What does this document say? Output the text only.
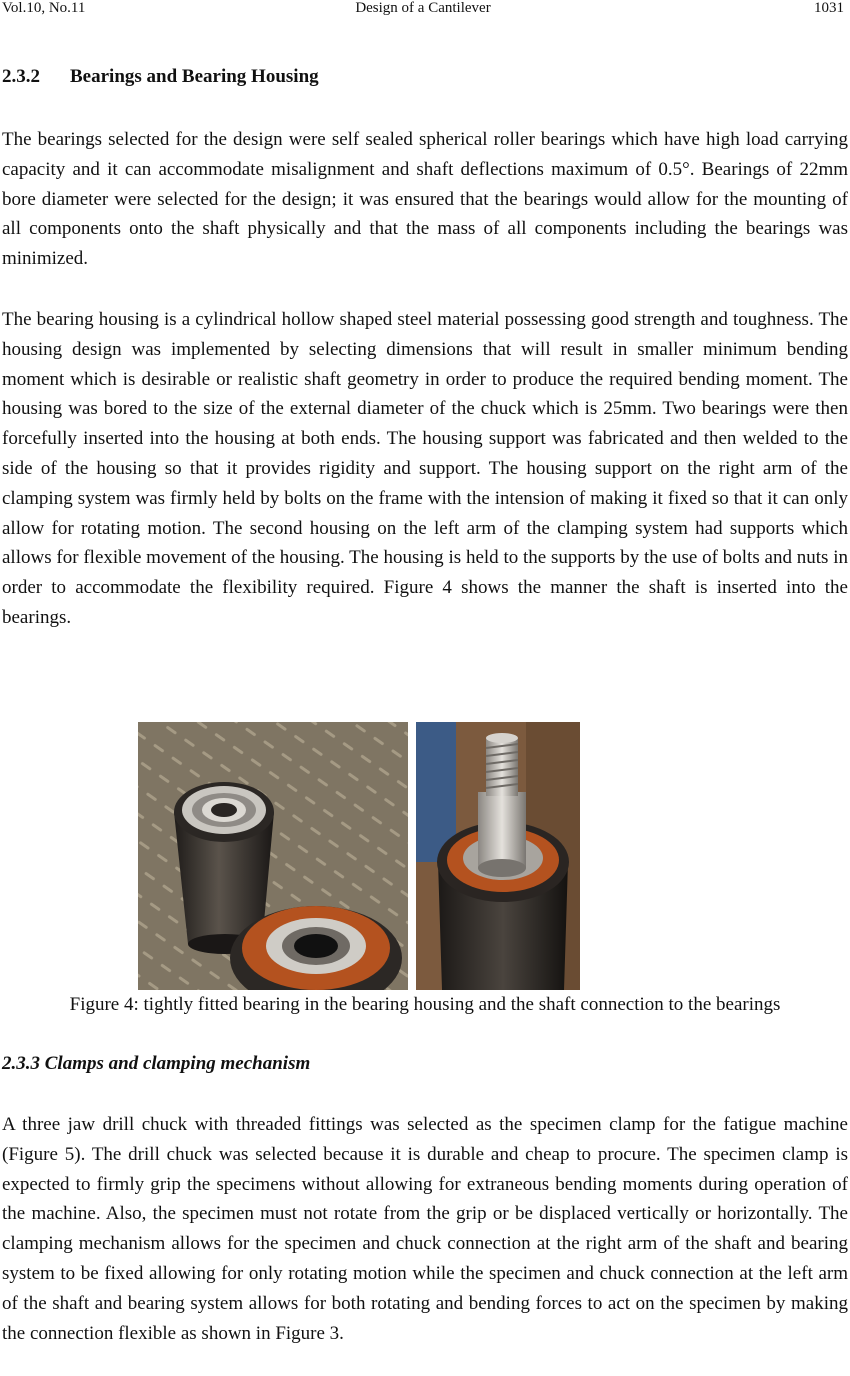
Vol.10, No.11	Design of a Cantilever	1031
2.3.2 Bearings and Bearing Housing

The bearings selected for the design were self sealed spherical roller bearings which have high load carrying capacity and it can accommodate misalignment and shaft deflections maximum of 0.5°. Bearings of 22mm bore diameter were selected for the design; it was ensured that the bearings would allow for the mounting of all components onto the shaft physically and that the mass of all components including the bearings was minimized.

The bearing housing is a cylindrical hollow shaped steel material possessing good strength and toughness. The housing design was implemented by selecting dimensions that will result in smaller minimum bending moment which is desirable or realistic shaft geometry in order to produce the required bending moment. The housing was bored to the size of the external diameter of the chuck which is 25mm. Two bearings were then forcefully inserted into the housing at both ends. The housing support was fabricated and then welded to the side of the housing so that it provides rigidity and support. The housing support on the right arm of the clamping system was firmly held by bolts on the frame with the intension of making it fixed so that it can only allow for rotating motion. The second housing on the left arm of the clamping system had supports which allows for flexible movement of the housing. The housing is held to the supports by the use of bolts and nuts in order to accommodate the flexibility required. Figure 4 shows the manner the shaft is inserted into the bearings.

Figure 4: tightly fitted bearing in the bearing housing and the shaft connection to the bearings
2.3.3 Clamps and clamping mechanism

A three jaw drill chuck with threaded fittings was selected as the specimen clamp for the fatigue machine (Figure 5). The drill chuck was selected because it is durable and cheap to procure. The specimen clamp is expected to firmly grip the specimens without allowing for extraneous bending moments during operation of the machine. Also, the specimen must not rotate from the grip or be displaced vertically or horizontally. The clamping mechanism allows for the specimen and chuck connection at the right arm of the shaft and bearing system to be fixed allowing for only rotating motion while the specimen and chuck connection at the left arm of the shaft and bearing system allows for both rotating and bending forces to act on the specimen by making the connection flexible as shown in Figure 3.
